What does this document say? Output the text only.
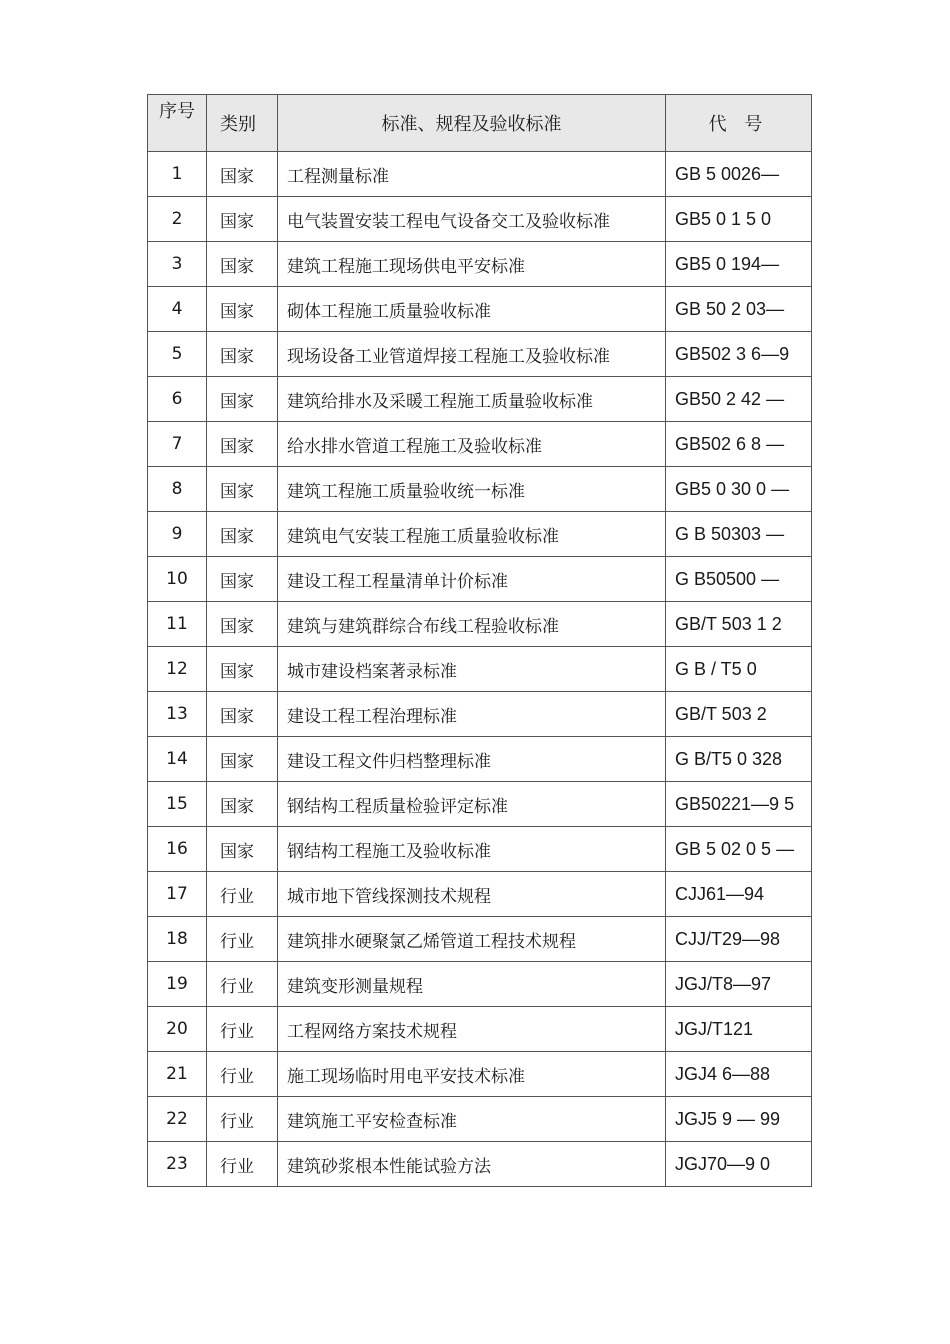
序号	类别	标准、规程及验收标准	代 号
1	国家	工程测量标准	GB 5 0026—
2	国家	电气装置安装工程电气设备交工及验收标准	GB5 0 1 5 0
3	国家	建筑工程施工现场供电平安标准	GB5 0 194—
4	国家	砌体工程施工质量验收标准	GB 50 2 03—
5	国家	现场设备工业管道焊接工程施工及验收标准	GB502 3 6—9
6	国家	建筑给排水及采暖工程施工质量验收标准	GB50 2 42 —
7	国家	给水排水管道工程施工及验收标准	GB502 6 8 —
8	国家	建筑工程施工质量验收统一标准	GB5 0 30 0 —
9	国家	建筑电气安装工程施工质量验收标准	G B 50303 —
10	国家	建设工程工程量清单计价标准	G B50500 —
11	国家	建筑与建筑群综合布线工程验收标准	GB/T 503 1 2
12	国家	城市建设档案著录标准	G B / T5 0
13	国家	建设工程工程治理标准	GB/T 503 2
14	国家	建设工程文件归档整理标准	G B/T5 0 328
15	国家	钢结构工程质量检验评定标准	GB50221—9 5
16	国家	钢结构工程施工及验收标准	GB 5 02 0 5 —
17	行业	城市地下管线探测技术规程	CJJ61—94
18	行业	建筑排水硬聚氯乙烯管道工程技术规程	CJJ/T29—98
19	行业	建筑变形测量规程	JGJ/T8—97
20	行业	工程网络方案技术规程	JGJ/T121
21	行业	施工现场临时用电平安技术标准	JGJ4 6—88
22	行业	建筑施工平安检查标准	JGJ5 9 — 99
23	行业	建筑砂浆根本性能试验方法	JGJ70—9 0
